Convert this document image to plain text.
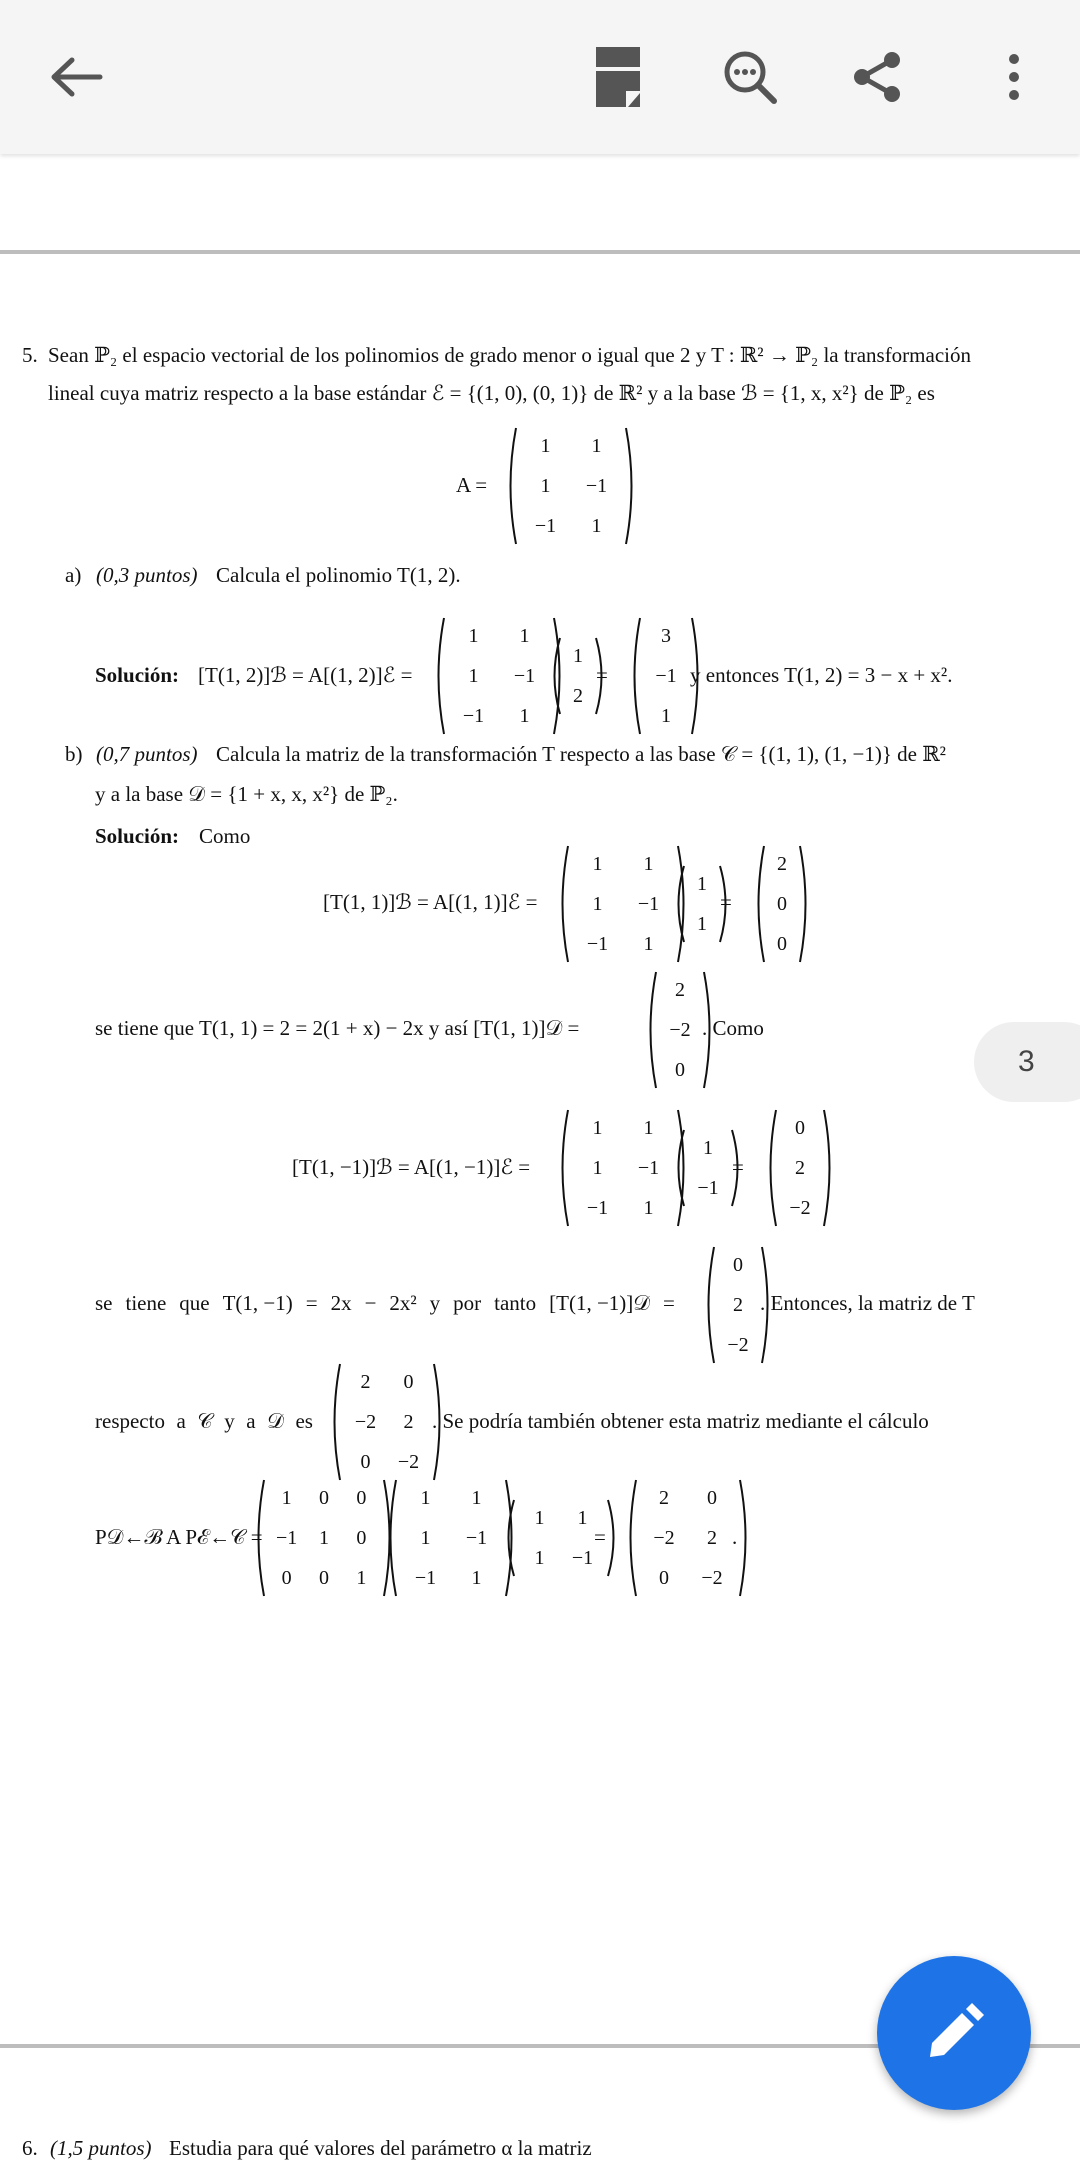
5. Sean ℙ₂ el espacio vectorial de los polinomios de grado menor o igual que 2 y T : ℝ² → ℙ₂ la transformación
lineal cuya matriz respecto a la base estándar ℰ = {(1, 0), (0, 1)} de ℝ² y a la base ℬ = {1, x, x²} de ℙ₂ es
A =
1	1
1	−1
−1	1
a) (0,3 puntos) Calcula el polinomio T(1, 2).
Solución: [T(1, 2)]ℬ = A[(1, 2)]ℰ =
1	1
1	−1
−1	1
1
2
=
3
−1
1
y entonces T(1, 2) = 3 − x + x².
b) (0,7 puntos) Calcula la matriz de la transformación T respecto a las base 𝒞 = {(1, 1), (1, −1)} de ℝ²
y a la base 𝒟 = {1 + x, x, x²} de ℙ₂.
Solución: Como
[T(1, 1)]ℬ = A[(1, 1)]ℰ =
1	1
1	−1
−1	1
1
1
=
2
0
0
se tiene que T(1, 1) = 2 = 2(1 + x) − 2x y así [T(1, 1)]𝒟 =
2
−2
0
. Como
[T(1, −1)]ℬ = A[(1, −1)]ℰ =
1	1
1	−1
−1	1
1
−1
=
0
2
−2
se tiene que T(1, −1) = 2x − 2x² y por tanto [T(1, −1)]𝒟 =
0
2
−2
. Entonces, la matriz de T
respecto a 𝒞 y a 𝒟 es
2	0
−2	2
0	−2
. Se podría también obtener esta matriz mediante el cálculo
P𝒟←ℬ A Pℰ←𝒞 =
1	0	0
−1	1	0
0	0	1
1	1
1	−1
−1	1
1	1
1	−1
=
2	0
−2	2
0	−2
.
6. (1,5 puntos) Estudia para qué valores del parámetro α la matriz
3
